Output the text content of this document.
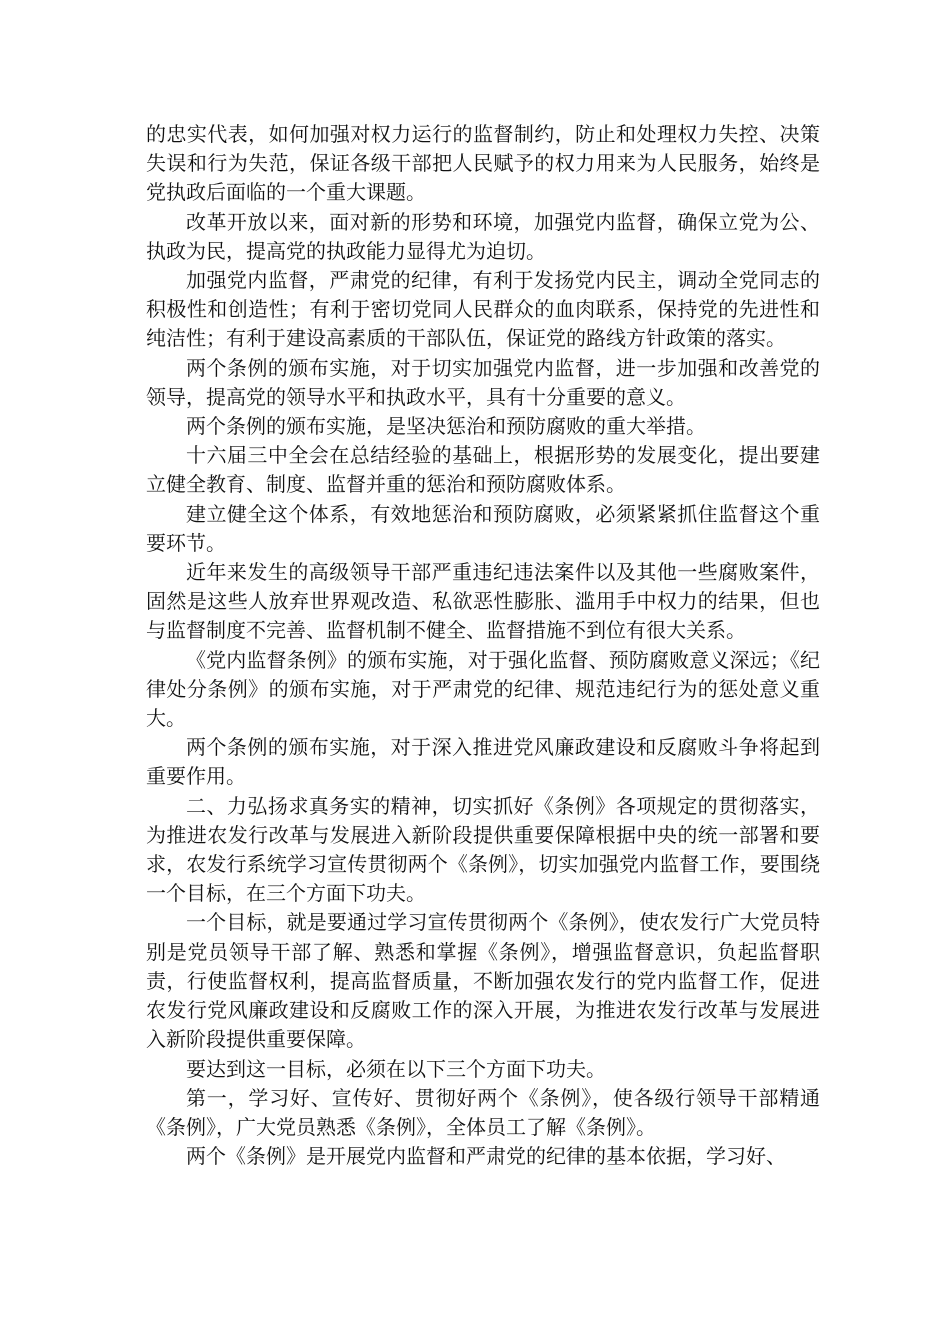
的忠实代表，如何加强对权力运行的监督制约，防止和处理权力失控、决策失误和行为失范，保证各级干部把人民赋予的权力用来为人民服务，始终是党执政后面临的一个重大课题。

改革开放以来，面对新的形势和环境，加强党内监督，确保立党为公、执政为民，提高党的执政能力显得尤为迫切。

加强党内监督，严肃党的纪律，有利于发扬党内民主，调动全党同志的积极性和创造性；有利于密切党同人民群众的血肉联系，保持党的先进性和纯洁性；有利于建设高素质的干部队伍，保证党的路线方针政策的落实。

两个条例的颁布实施，对于切实加强党内监督，进一步加强和改善党的领导，提高党的领导水平和执政水平，具有十分重要的意义。

两个条例的颁布实施，是坚决惩治和预防腐败的重大举措。

十六届三中全会在总结经验的基础上，根据形势的发展变化，提出要建立健全教育、制度、监督并重的惩治和预防腐败体系。

建立健全这个体系，有效地惩治和预防腐败，必须紧紧抓住监督这个重要环节。

近年来发生的高级领导干部严重违纪违法案件以及其他一些腐败案件，固然是这些人放弃世界观改造、私欲恶性膨胀、滥用手中权力的结果，但也与监督制度不完善、监督机制不健全、监督措施不到位有很大关系。

《党内监督条例》的颁布实施，对于强化监督、预防腐败意义深远；《纪律处分条例》的颁布实施，对于严肃党的纪律、规范违纪行为的惩处意义重大。

两个条例的颁布实施，对于深入推进党风廉政建设和反腐败斗争将起到重要作用。

二、力弘扬求真务实的精神，切实抓好《条例》各项规定的贯彻落实，为推进农发行改革与发展进入新阶段提供重要保障根据中央的统一部署和要求，农发行系统学习宣传贯彻两个《条例》，切实加强党内监督工作，要围绕一个目标，在三个方面下功夫。

一个目标，就是要通过学习宣传贯彻两个《条例》，使农发行广大党员特别是党员领导干部了解、熟悉和掌握《条例》，增强监督意识，负起监督职责，行使监督权利，提高监督质量，不断加强农发行的党内监督工作，促进农发行党风廉政建设和反腐败工作的深入开展，为推进农发行改革与发展进入新阶段提供重要保障。

要达到这一目标，必须在以下三个方面下功夫。

第一，学习好、宣传好、贯彻好两个《条例》，使各级行领导干部精通《条例》，广大党员熟悉《条例》，全体员工了解《条例》。

两个《条例》是开展党内监督和严肃党的纪律的基本依据，学习好、
